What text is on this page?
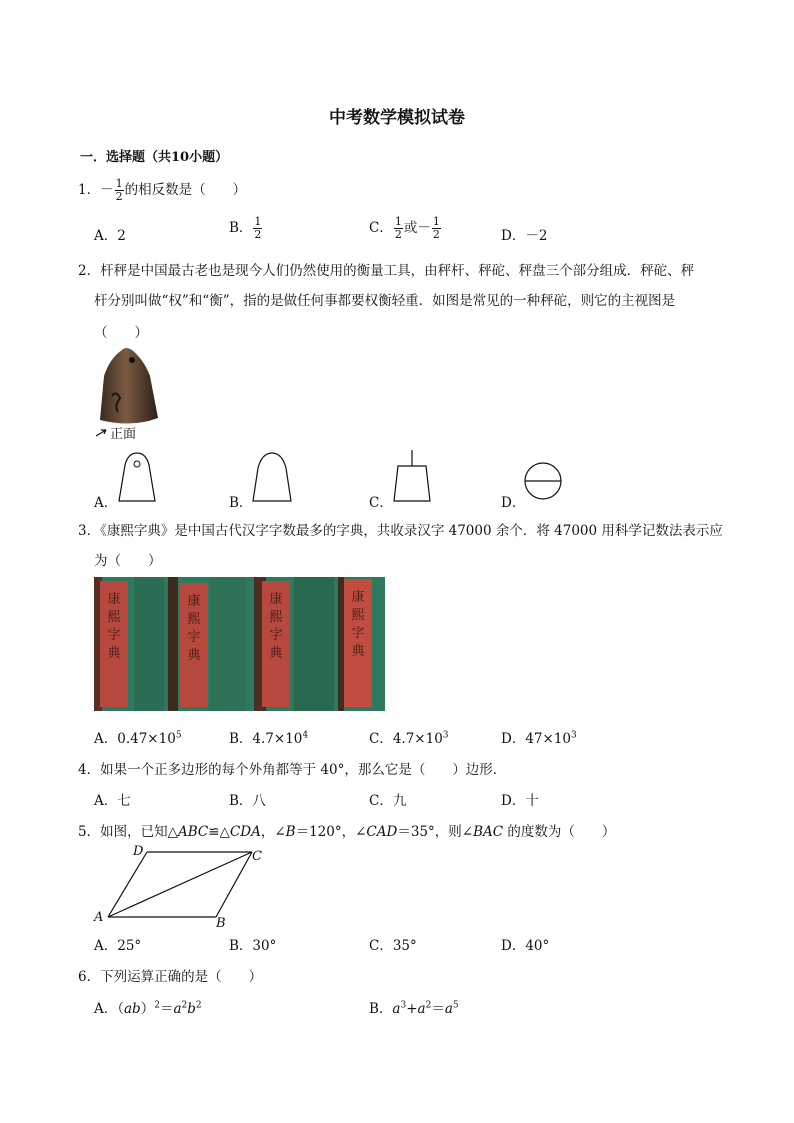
中考数学模拟试卷
一．选择题（共10小题）
1．－ $\frac{1}{2}$ 的相反数是（　　）
A．2	B． $\frac{1}{2}$	C． $\frac{1}{2}$ 或－ $\frac{1}{2}$	D．－2
2．杆秤是中国最古老也是现今人们仍然使用的衡量工具，由秤杆、秤砣、秤盘三个部分组成．秤砣、秤
杆分别叫做“权”和“衡”，指的是做任何事都要权衡轻重．如图是常见的一种秤砣，则它的主视图是
（　　）
正面
A．	B．	C．	D．
3．《康熙字典》是中国古代汉字字数最多的字典，共收录汉字 47000 余个．将 47000 用科学记数法表示应
为（　　）
康
熙
字
典
康
熙
字
典
康
熙
字
典
康
熙
字
典
A．$0.47\times 10^5$	B．$4.7\times 10^4$	C．$4.7\times 10^3$	D．$47\times 10^3$
4．如果一个正多边形的每个外角都等于 40°，那么它是（　　）边形．
A．七	B．八	C．九	D．十
5．如图，已知△ABC≌△CDA，∠B＝120°，∠CAD＝35°，则∠BAC 的度数为（　　）
A	B
C
D
A．25°	B．30°	C．35°	D．40°
6．下列运算正确的是（　　）
A．$(ab)^2=a^2b^2$	B．$a^3+a^2=a^5$
